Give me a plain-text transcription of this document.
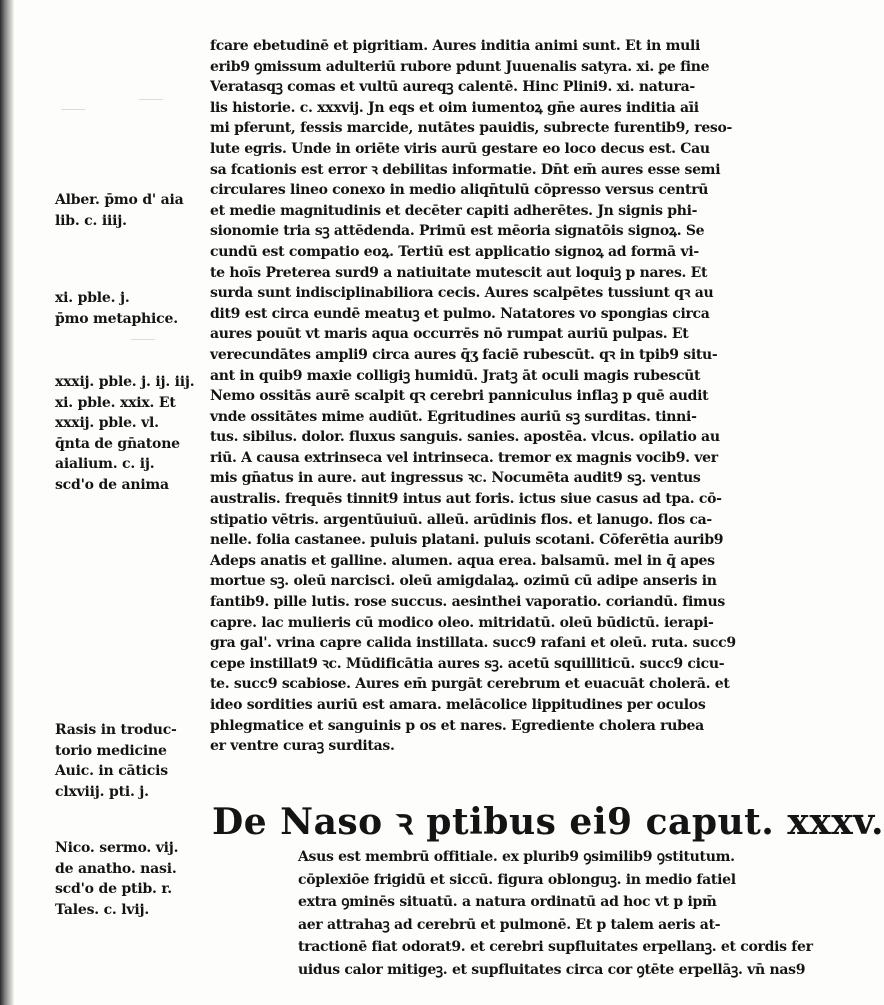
⸻
⸻
⸻
Alber. p̄mo d' aia
lib. c. iiij.
xi. pble. j.
p̄mo metaphice.
xxxij. pble. j. ij. iij.
xi. pble. xxix. Et
xxxij. pble. vl.
q̄nta de gn̄atone
aialium. c. ij.
scd'o de anima
Rasis in troduc-
torio medicine
Auic. in cāticis
clxviij. pti. j.
Nico. sermo. vij.
de anatho. nasi.
scd'o de ptib. r.
Tales. c. lvij.
fcare ebetudinē et pigritiam. Aures inditia animi sunt. Et in muli
erib9 ꝯmissum adulteriū rubore pdunt Juuenalis satyra. xi. ꝑe fine
Veratasqꝫ comas et vultū aureqꝫ calentē. Hinc Plini9. xi. natura-
lis historie. c. xxxvij. Jn eqs et oim iumentoꝝ gn̄e aures inditia aīi
mi pferunt, fessis marcide, nutātes pauidis, subrecte furentib9, reso-
lute egris. Unde in oriēte viris aurū gestare eo loco decus est. Cau
sa fcationis est error ꝛ debilitas informatie. Dn̄t em̄ aures esse semi
circulares lineo conexo in medio aliqn̄tulū cōpresso versus centrū
et medie magnitudinis et decēter capiti adherētes. Jn signis phi-
sionomie tria sꝫ attēdenda. Primū est mēoria signatōis signoꝝ. Se
cundū est compatio eoꝝ. Tertiū est applicatio signoꝝ ad formā vi-
te hoīs Preterea surd9 a natiuitate mutescit aut loquiꝫ p nares. Et
surda sunt indisciplinabiliora cecis. Aures scalpētes tussiunt qꝛ au
dit9 est circa eundē meatuꝫ et pulmo. Natatores vo spongias circa
aures pouūt vt maris aqua occurrēs nō rumpat auriū pulpas. Et
verecundātes ampli9 circa aures q̄ʒ faciē rubescūt. qꝛ in tpib9 situ-
ant in quib9 maxie colligiꝫ humidū. Jratꝫ āt oculi magis rubescūt
Nemo ossitās aurē scalpit qꝛ cerebri panniculus inflaꝫ p quē audit
vnde ossitātes mime audiūt. Egritudines auriū sꝫ surditas. tinni-
tus. sibilus. dolor. fluxus sanguis. sanies. apostēa. vlcus. opilatio au
riū. A causa extrinseca vel intrinseca. tremor ex magnis vocib9. ver
mis gn̄atus in aure. aut ingressus ꝛc. Nocumēta audit9 sꝫ. ventus
australis. frequēs tinnit9 intus aut foris. ictus siue casus ad tpa. cō-
stipatio vētris. argentūuiuū. alleū. arūdinis flos. et lanugo. flos ca-
nelle. folia castanee. puluis platani. puluis scotani. Cōferētia aurib9
Adeps anatis et galline. alumen. aqua erea. balsamū. mel in q̄ apes
mortue sꝫ. oleū narcisci. oleū amigdalaꝝ. ozimū cū adipe anseris in
fantib9. pille lutis. rose succus. aesinthei vaporatio. coriandū. fimus
capre. lac mulieris cū modico oleo. mitridatū. oleū būdictū. ierapi-
gra gal'. vrina capre calida instillata. succ9 rafani et oleū. ruta. succ9
cepe instillat9 ꝛc. Mūdificātia aures sꝫ. acetū squilliticū. succ9 cicu-
te. succ9 scabiose. Aures em̄ purgāt cerebrum et euacuāt cholerā. et
ideo sordities auriū est amara. melācolice lippitudines per oculos
phlegmatice et sanguinis p os et nares. Egrediente cholera rubea
er ventre curaꝫ surditas.
De Naso ꝛ ptibus ei9 caput. xxxv.
Asus est membrū offitiale. ex plurib9 ꝯsimilib9 ꝯstitutum.
cōplexiōe frigidū et siccū. figura oblonguꝫ. in medio fatiel
extra ꝯminēs situatū. a natura ordinatū ad hoc vt p ipm̄
aer attrahaꝫ ad cerebrū et pulmonē. Et p talem aeris at-
tractionē fiat odorat9. et cerebri supfluitates erpellanꝫ. et cordis fer
uidus calor mitigeꝫ. et supfluitates circa cor ꝯtēte erpellāꝫ. vn̄ nas9
